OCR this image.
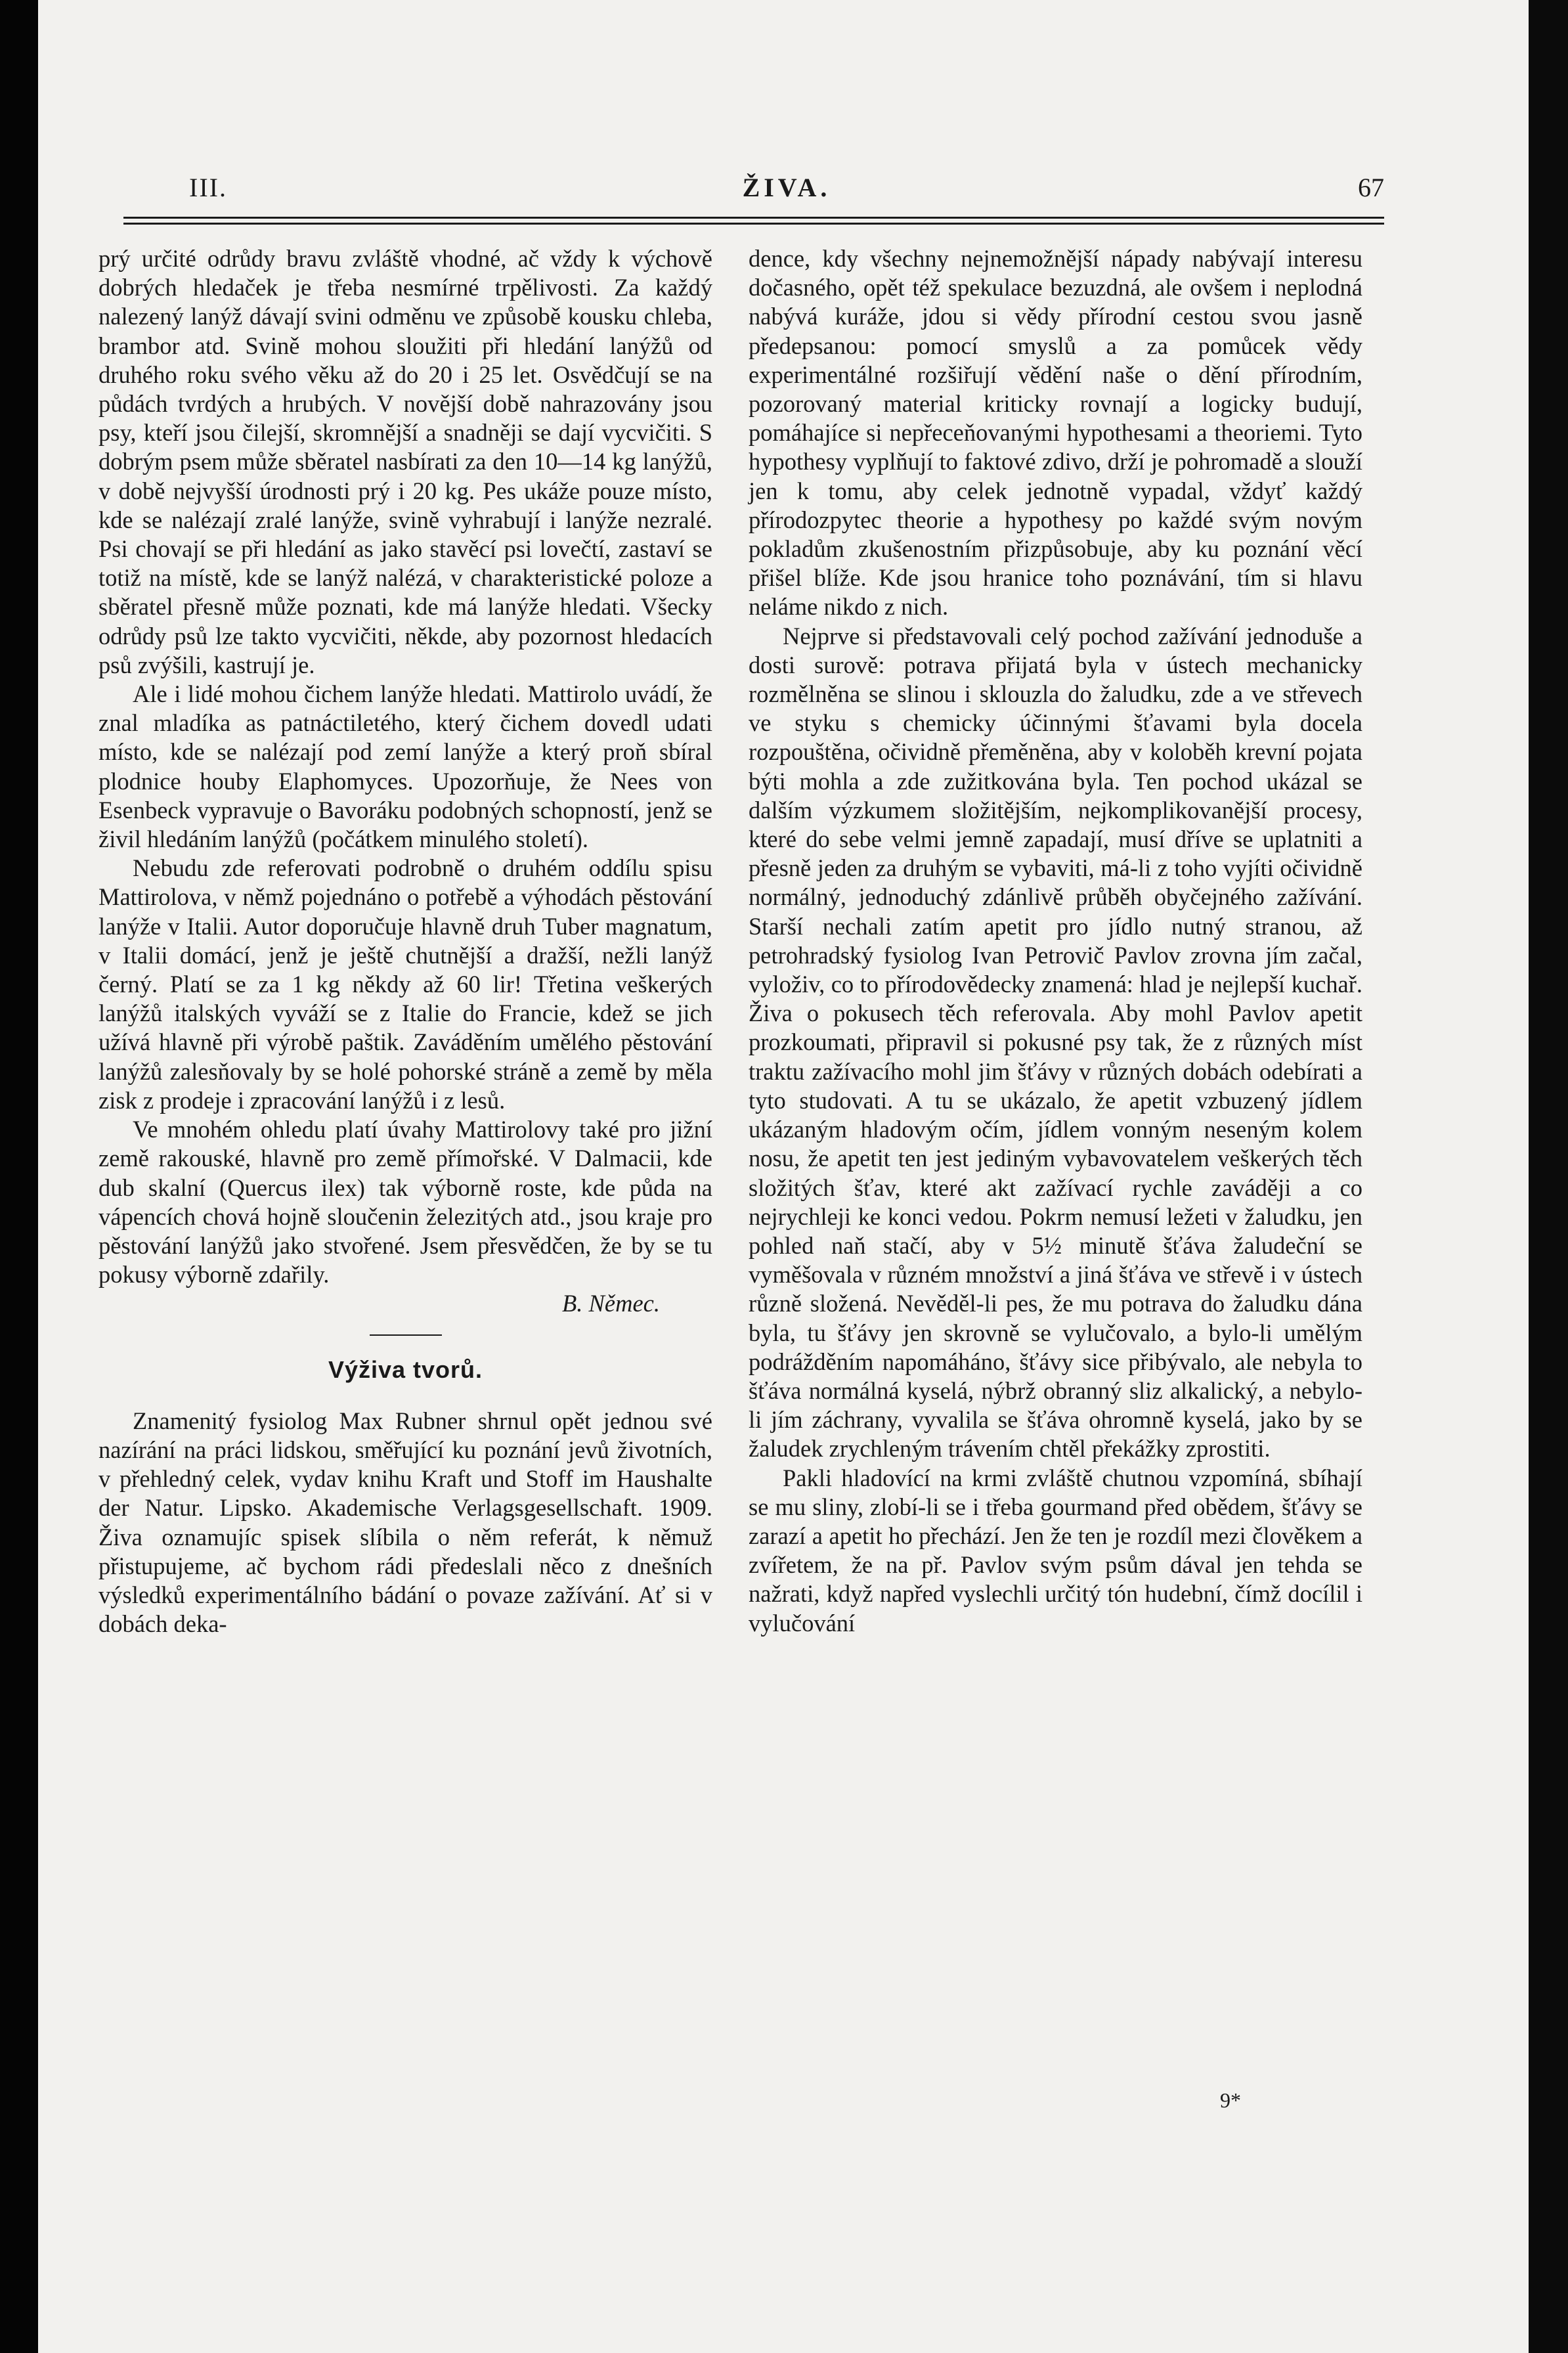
III.	ŽIVA.	67

prý určité odrůdy bravu zvláště vhodné, ač vždy k výchově dobrých hledaček je třeba nesmírné trpělivosti. Za každý nalezený lanýž dávají svini odměnu ve způsobě kousku chleba, brambor atd. Svině mohou sloužiti při hledání lanýžů od druhého roku svého věku až do 20 i 25 let. Osvědčují se na půdách tvrdých a hrubých. V novější době nahrazovány jsou psy, kteří jsou čilejší, skromnější a snadněji se dají vycvičiti. S dobrým psem může sběratel nasbírati za den 10—14 kg lanýžů, v době nejvyšší úrodnosti prý i 20 kg. Pes ukáže pouze místo, kde se nalézají zralé lanýže, svině vyhrabují i lanýže nezralé. Psi chovají se při hledání as jako stavěcí psi lovečtí, zastaví se totiž na místě, kde se lanýž nalézá, v charakteristické poloze a sběratel přesně může poznati, kde má lanýže hledati. Všecky odrůdy psů lze takto vycvičiti, někde, aby pozornost hledacích psů zvýšili, kastrují je.

Ale i lidé mohou čichem lanýže hledati. Mattirolo uvádí, že znal mladíka as patnáctiletého, který čichem dovedl udati místo, kde se nalézají pod zemí lanýže a který proň sbíral plodnice houby Elaphomyces. Upozorňuje, že Nees von Esenbeck vypravuje o Bavoráku podobných schopností, jenž se živil hledáním lanýžů (počátkem minulého století).

Nebudu zde referovati podrobně o druhém oddílu spisu Mattirolova, v němž pojednáno o potřebě a výhodách pěstování lanýže v Italii. Autor doporučuje hlavně druh Tuber magnatum, v Italii domácí, jenž je ještě chutnější a dražší, nežli lanýž černý. Platí se za 1 kg někdy až 60 lir! Třetina veškerých lanýžů italských vyváží se z Italie do Francie, kdež se jich užívá hlavně při výrobě paštik. Zaváděním umělého pěstování lanýžů zalesňovaly by se holé pohorské stráně a země by měla zisk z prodeje i zpracování lanýžů i z lesů.

Ve mnohém ohledu platí úvahy Mattirolovy také pro jižní země rakouské, hlavně pro země přímořské. V Dalmacii, kde dub skalní (Quercus ilex) tak výborně roste, kde půda na vápencích chová hojně sloučenin železitých atd., jsou kraje pro pěstování lanýžů jako stvořené. Jsem přesvědčen, že by se tu pokusy výborně zdařily.

B. Němec.

Výživa tvorů.

Znamenitý fysiolog Max Rubner shrnul opět jednou své nazírání na práci lidskou, směřující ku poznání jevů životních, v přehledný celek, vydav knihu Kraft und Stoff im Haushalte der Natur. Lipsko. Akademische Verlagsgesellschaft. 1909. Živa oznamujíc spisek slíbila o něm referát, k němuž přistupujeme, ač bychom rádi předeslali něco z dnešních výsledků experimentálního bádání o povaze zažívání. Ať si v dobách deka-

dence, kdy všechny nejnemožnější nápady nabývají interesu dočasného, opět též spekulace bezuzdná, ale ovšem i neplodná nabývá kuráže, jdou si vědy přírodní cestou svou jasně předepsanou: pomocí smyslů a za pomůcek vědy experimentálné rozšiřují vědění naše o dění přírodním, pozorovaný material kriticky rovnají a logicky budují, pomáhajíce si nepřeceňovanými hypothesami a theoriemi. Tyto hypothesy vyplňují to faktové zdivo, drží je pohromadě a slouží jen k tomu, aby celek jednotně vypadal, vždyť každý přírodozpytec theorie a hypothesy po každé svým novým pokladům zkušenostním přizpůsobuje, aby ku poznání věcí přišel blíže. Kde jsou hranice toho poznávání, tím si hlavu nelámе nikdo z nich.

Nejprve si představovali celý pochod zažívání jednoduše a dosti surově: potrava přijatá byla v ústech mechanicky rozmělněna se slinou i sklouzla do žaludku, zde a ve střevech ve styku s chemicky účinnými šťavami byla docela rozpouštěna, očividně přeměněna, aby v koloběh krevní pojata býti mohla a zde zužitkována byla. Ten pochod ukázal se dalším výzkumem složitějším, nejkomplikovanější procesy, které do sebe velmi jemně zapadají, musí dříve se uplatniti a přesně jeden za druhým se vybaviti, má-li z toho vyjíti očividně normálný, jednoduchý zdánlivě průběh obyčejného zažívání. Starší nechali zatím apetit pro jídlo nutný stranou, až petrohradský fysiolog Ivan Petrovič Pavlov zrovna jím začal, vyloživ, co to přírodovědecky znamená: hlad je nejlepší kuchař. Živa o pokusech těch referovala. Aby mohl Pavlov apetit prozkoumati, připravil si pokusné psy tak, že z různých míst traktu zažívacího mohl jim šťávy v různých dobách odebírati a tyto studovati. A tu se ukázalo, že apetit vzbuzený jídlem ukázaným hladovým očím, jídlem vonným neseným kolem nosu, že apetit ten jest jediným vybavovatelem veškerých těch složitých šťav, které akt zažívací rychle zaváději a co nejrychleji ke konci vedou. Pokrm nemusí ležeti v žaludku, jen pohled naň stačí, aby v 5½ minutě šťáva žaludeční se vyměšovala v různém množství a jiná šťáva ve střevě i v ústech různě složená. Nevěděl-li pes, že mu potrava do žaludku dána byla, tu šťávy jen skrovně se vylučovalo, a bylo-li umělým podrážděním napomáháno, šťávy sice přibývalo, ale nebyla to šťáva normálná kyselá, nýbrž obranný sliz alkalický, a nebylo-li jím záchrany, vyvalila se šťáva ohromně kyselá, jako by se žaludek zrychleným trávením chtěl překážky zprostiti.

Pakli hladovící na krmi zvláště chutnou vzpomíná, sbíhají se mu sliny, zlobí-li se i třeba gourmand před obědem, šťávy se zarazí a apetit ho přechází. Jen že ten je rozdíl mezi člověkem a zvířetem, že na př. Pavlov svým psům dával jen tehda se nažrati, když napřed vyslechli určitý tón hudební, čímž docílil i vylučování

9*
